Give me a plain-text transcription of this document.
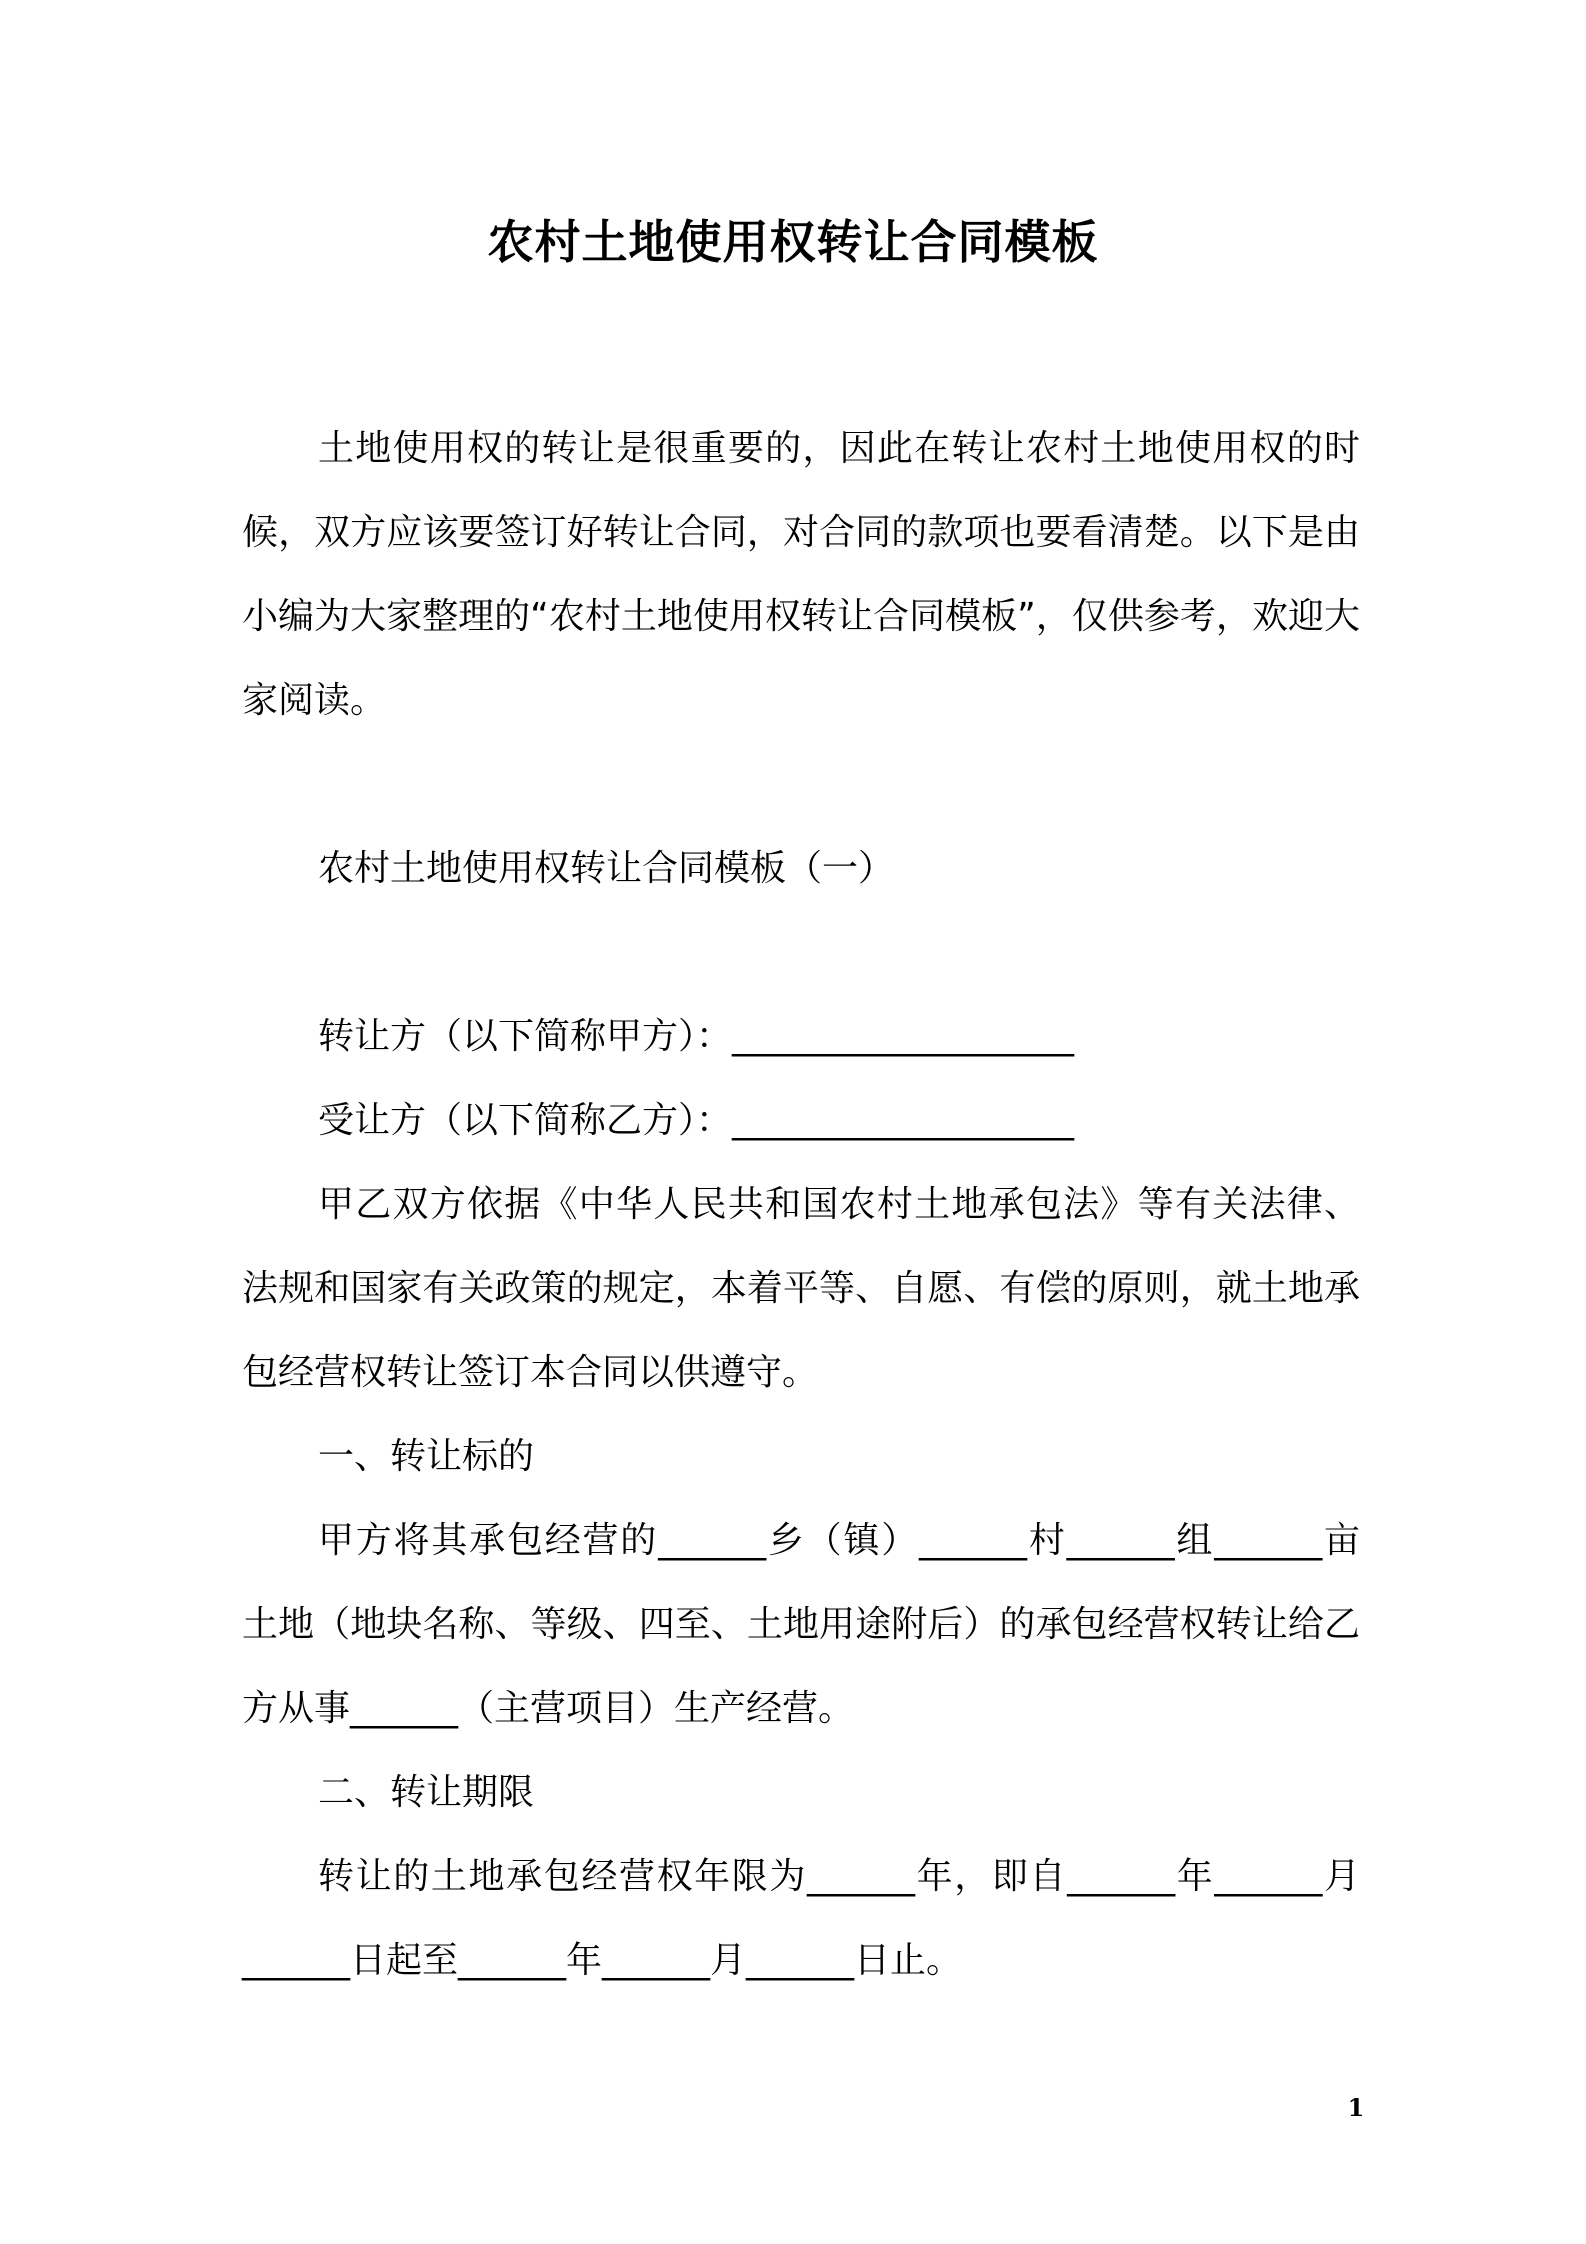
农村土地使用权转让合同模板

土地使用权的转让是很重要的，因此在转让农村土地使用权的时候，双方应该要签订好转让合同，对合同的款项也要看清楚。以下是由小编为大家整理的“农村土地使用权转让合同模板”，仅供参考，欢迎大家阅读。

农村土地使用权转让合同模板（一）

转让方（以下简称甲方）：___________________

受让方（以下简称乙方）：___________________

甲乙双方依据《中华人民共和国农村土地承包法》等有关法律、法规和国家有关政策的规定，本着平等、自愿、有偿的原则，就土地承包经营权转让签订本合同以供遵守。

一、转让标的

甲方将其承包经营的______乡（镇）______村______组______亩土地（地块名称、等级、四至、土地用途附后）的承包经营权转让给乙方从事______（主营项目）生产经营。

二、转让期限

转让的土地承包经营权年限为______年，即自______年______月______日起至______年______月______日止。

1
